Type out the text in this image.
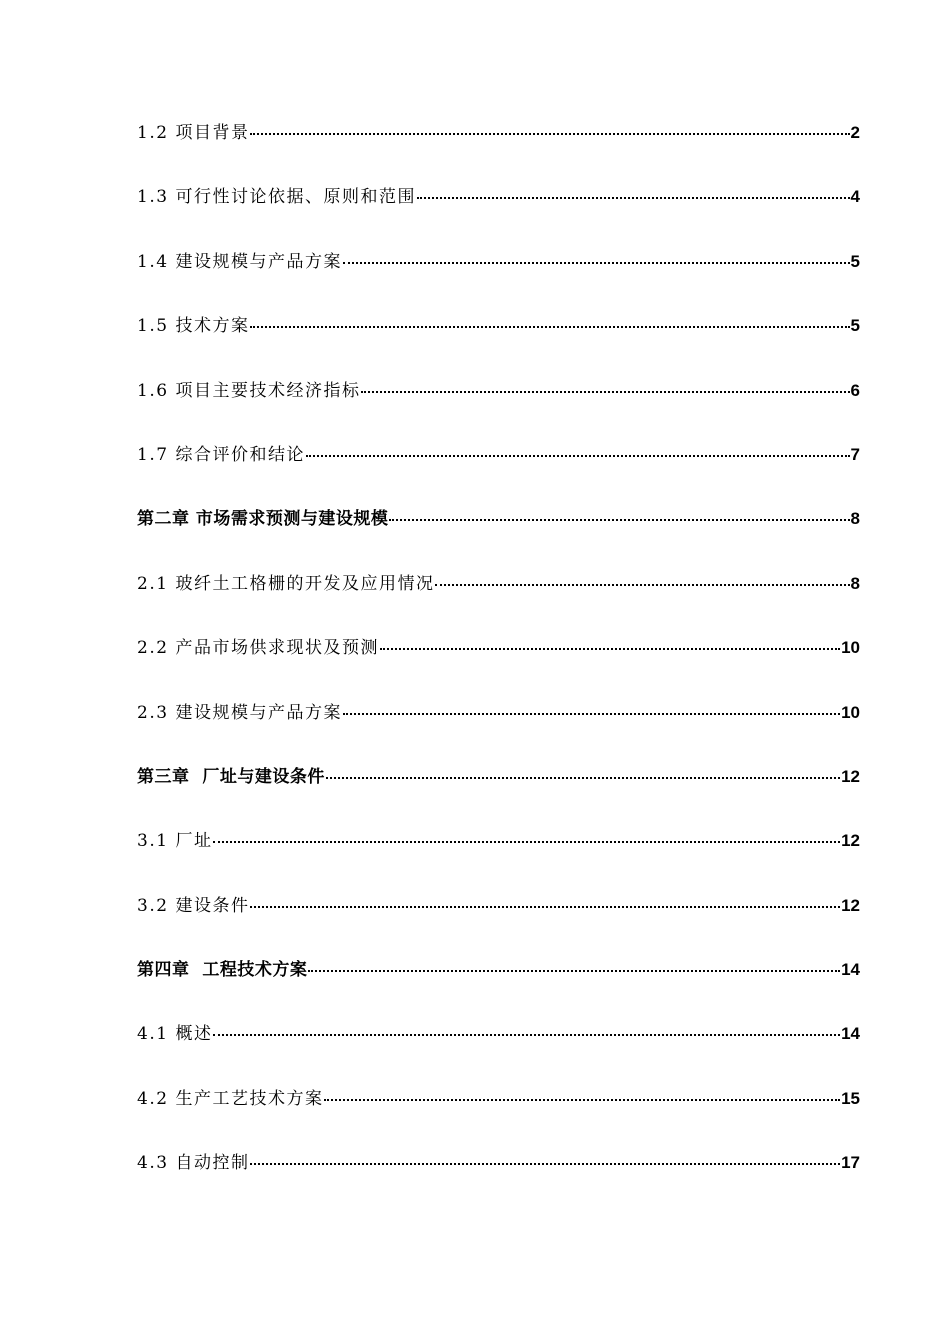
1.2 项目背景	2
1.3 可行性讨论依据、原则和范围	4
1.4 建设规模与产品方案	5
1.5 技术方案	5
1.6 项目主要技术经济指标	6
1.7 综合评价和结论	7
第二章 市场需求预测与建设规模	8
2.1 玻纤土工格栅的开发及应用情况	8
2.2 产品市场供求现状及预测	10
2.3 建设规模与产品方案	10
第三章  厂址与建设条件	12
3.1 厂址	12
3.2 建设条件	12
第四章  工程技术方案	14
4.1 概述	14
4.2 生产工艺技术方案	15
4.3 自动控制	17
